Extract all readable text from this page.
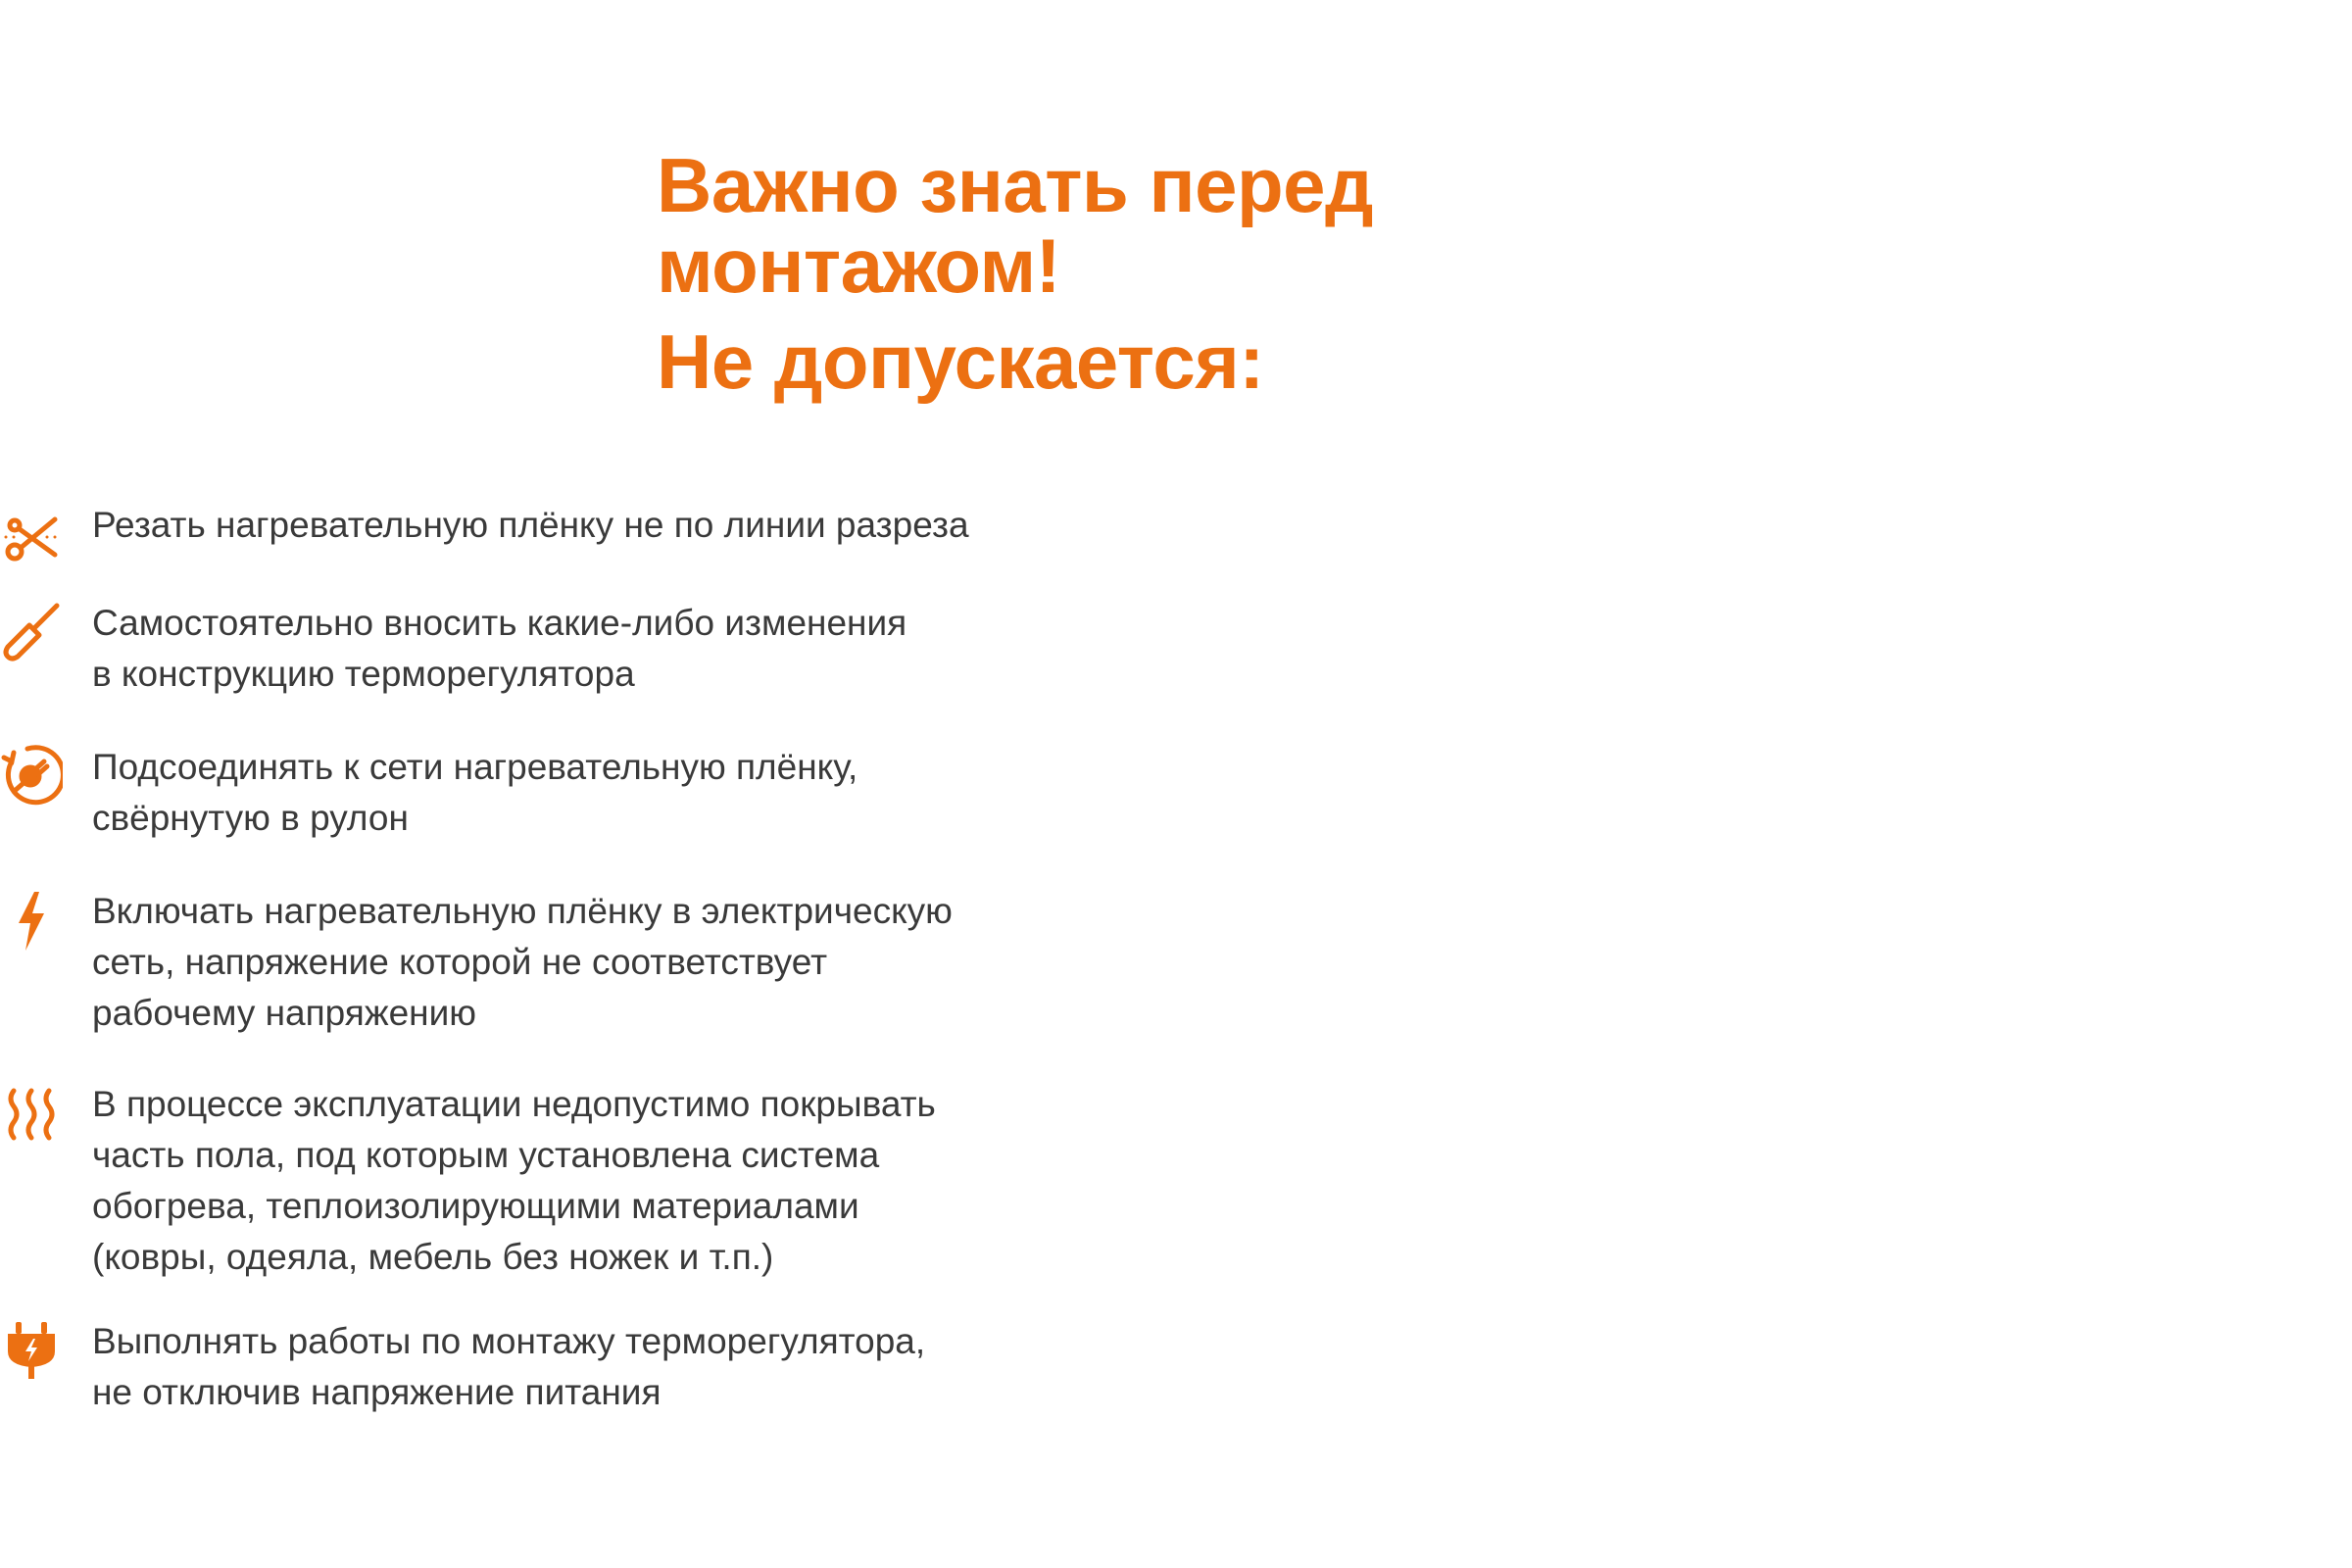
Важно знать перед
монтажом!
Не допускается:

Резать нагревательную плёнку не по линии разреза

Самостоятельно вносить какие-либо изменения
в конструкцию терморегулятора

Подсоединять к сети нагревательную плёнку,
свёрнутую в рулон

Включать нагревательную плёнку в электрическую
сеть, напряжение которой не соответствует
рабочему напряжению

В процессе эксплуатации недопустимо покрывать
часть пола, под которым установлена система
обогрева, теплоизолирующими материалами
(ковры, одеяла, мебель без ножек и т.п.)

Выполнять работы по монтажу терморегулятора,
не отключив напряжение питания
